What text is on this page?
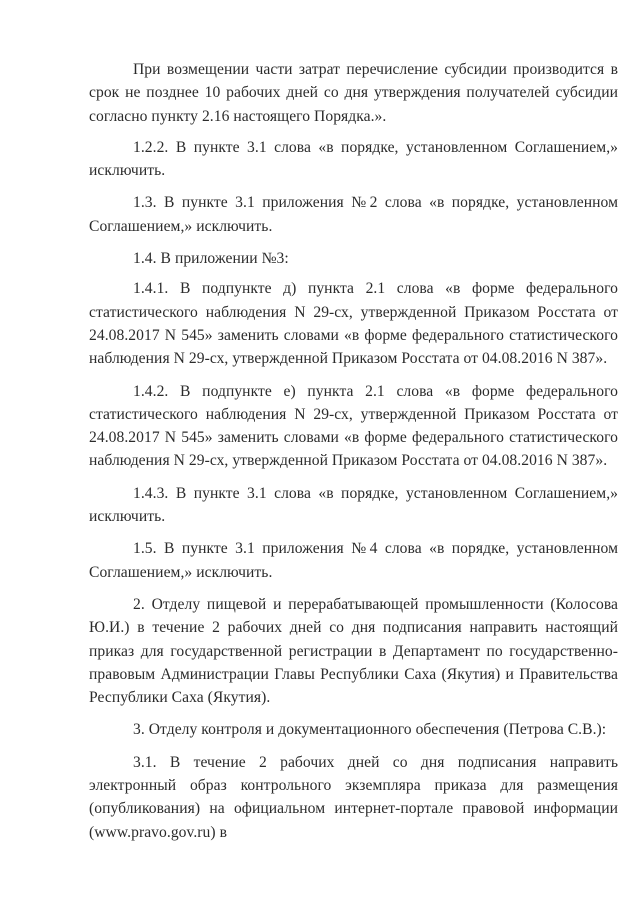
При возмещении части затрат перечисление субсидии производится в срок не позднее 10 рабочих дней со дня утверждения получателей субсидии согласно пункту 2.16 настоящего Порядка.».

1.2.2. В пункте 3.1 слова «в порядке, установленном Соглашением,» исключить.

1.3. В пункте 3.1 приложения №2 слова «в порядке, установленном Соглашением,» исключить.

1.4. В приложении №3:

1.4.1. В подпункте д) пункта 2.1 слова «в форме федерального статистического наблюдения N 29-сх, утвержденной Приказом Росстата от 24.08.2017 N 545» заменить словами «в форме федерального статистического наблюдения N 29-сх, утвержденной Приказом Росстата от 04.08.2016 N 387».

1.4.2. В подпункте е) пункта 2.1 слова «в форме федерального статистического наблюдения N 29-сх, утвержденной Приказом Росстата от 24.08.2017 N 545» заменить словами «в форме федерального статистического наблюдения N 29-сх, утвержденной Приказом Росстата от 04.08.2016 N 387».

1.4.3. В пункте 3.1 слова «в порядке, установленном Соглашением,» исключить.

1.5. В пункте 3.1 приложения №4 слова «в порядке, установленном Соглашением,» исключить.

2. Отделу пищевой и перерабатывающей промышленности (Колосова Ю.И.) в течение 2 рабочих дней со дня подписания направить настоящий приказ для государственной регистрации в Департамент по государственно-правовым Администрации Главы Республики Саха (Якутия) и Правительства Республики Саха (Якутия).

3. Отделу контроля и документационного обеспечения (Петрова С.В.):

3.1. В течение 2 рабочих дней со дня подписания направить электронный образ контрольного экземпляра приказа для размещения (опубликования) на официальном интернет-портале правовой информации (www.pravo.gov.ru) в
